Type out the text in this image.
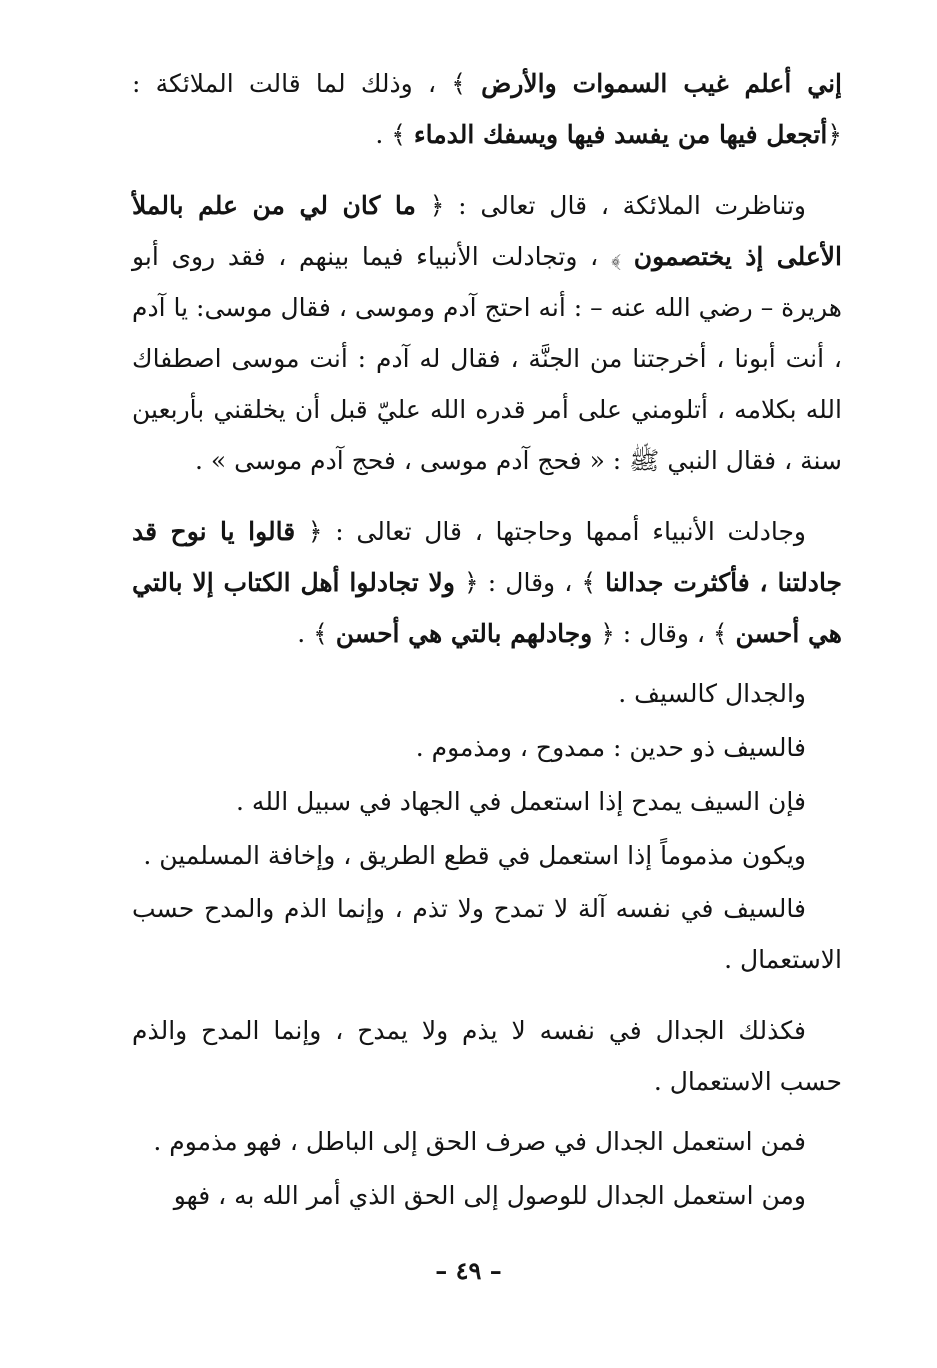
إني أعلم غيب السموات والأرض ﴾ ، وذلك لما قالت الملائكة : ﴿أتجعل فيها من يفسد فيها ويسفك الدماء ﴾ .

وتناظرت الملائكة ، قال تعالى : ﴿ ما كان لي من علم بالملأ الأعلى إذ يختصمون ﴾ ، وتجادلت الأنبياء فيما بينهم ، فقد روى أبو هريرة – رضي الله عنه – : أنه احتج آدم وموسى ، فقال موسى: يا آدم ، أنت أبونا ، أخرجتنا من الجنَّة ، فقال له آدم : أنت موسى اصطفاك الله بكلامه ، أتلومني على أمر قدره الله عليّ قبل أن يخلقني بأربعين سنة ، فقال النبي ﷺ : « فحج آدم موسى ، فحج آدم موسى » .

وجادلت الأنبياء أممها وحاجتها ، قال تعالى : ﴿ قالوا يا نوح قد جادلتنا ، فأكثرت جدالنا ﴾ ، وقال : ﴿ ولا تجادلوا أهل الكتاب إلا بالتي هي أحسن ﴾ ، وقال : ﴿ وجادلهم بالتي هي أحسن ﴾ .

والجدال كالسيف .

فالسيف ذو حدين : ممدوح ، ومذموم .

فإن السيف يمدح إذا استعمل في الجهاد في سبيل الله .

ويكون مذموماً إذا استعمل في قطع الطريق ، وإخافة المسلمين .

فالسيف في نفسه آلة لا تمدح ولا تذم ، وإنما الذم والمدح حسب الاستعمال .

فكذلك الجدال في نفسه لا يذم ولا يمدح ، وإنما المدح والذم حسب الاستعمال .

فمن استعمل الجدال في صرف الحق إلى الباطل ، فهو مذموم .

ومن استعمل الجدال للوصول إلى الحق الذي أمر الله به ، فهو

– ٤٩ –
